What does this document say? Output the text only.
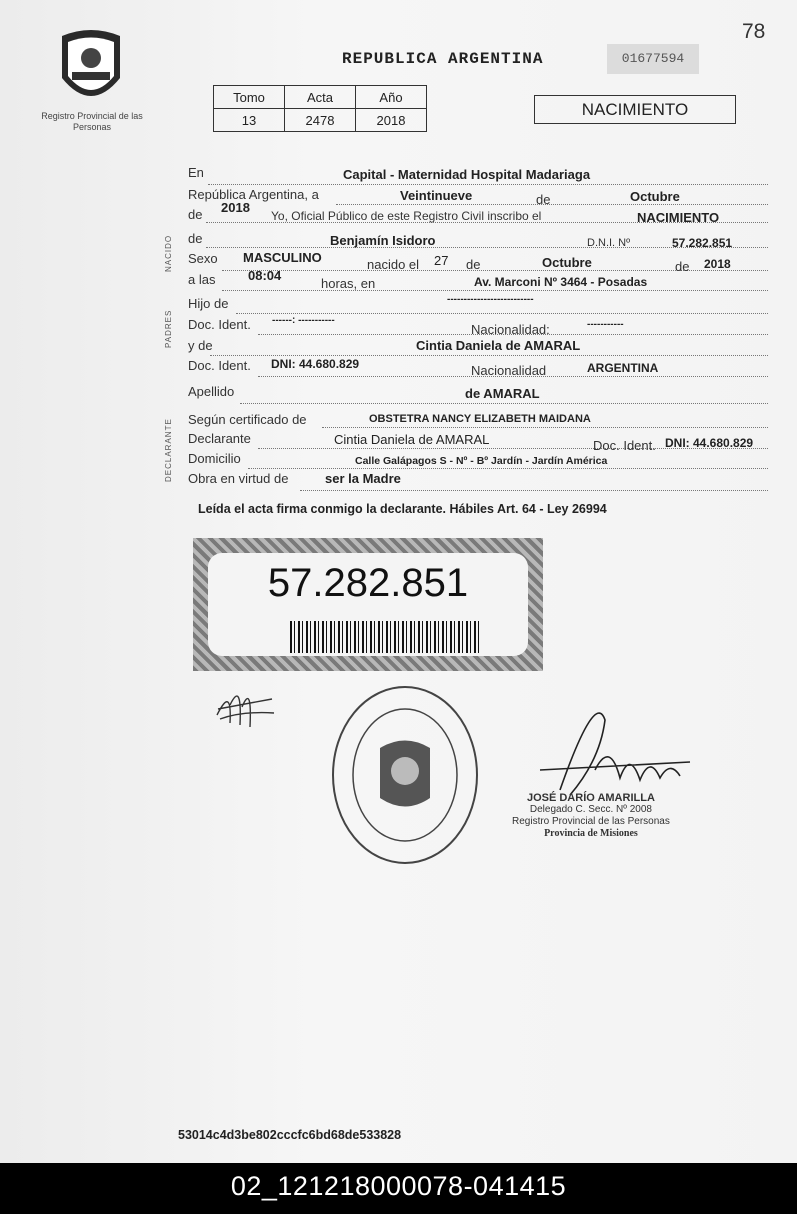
78
Registro Provincial de las Personas
REPUBLICA ARGENTINA	01677594
Tomo	Acta	Año
13	2478	2018
NACIMIENTO
NACIDO
PADRES
DECLARANTE
En	Capital - Maternidad Hospital Madariaga
República Argentina, a	Veintinueve	de	Octubre
de 2018
Yo, Oficial Público de este Registro Civil inscribo el	NACIMIENTO
de	Benjamín Isidoro	D.N.I. Nº	57.282.851
Sexo MASCULINO	nacido el 27 de	Octubre	de 2018
a las	08:04
horas, en	Av. Marconi Nº 3464 - Posadas
Hijo de	--------------------------
Doc. Ident. ------: -----------
Nacionalidad:	-----------
y de	Cintia Daniela de AMARAL
Doc. Ident. DNI: 44.680.829	Nacionalidad	ARGENTINA
Apellido	de AMARAL
Según certificado de	OBSTETRA NANCY ELIZABETH MAIDANA
Declarante	Cintia Daniela de AMARAL	Doc. Ident. DNI: 44.680.829
Domicilio	Calle Galápagos S - Nº - Bº Jardín - Jardín América
Obra en virtud de	ser la Madre
Leída el acta firma conmigo la declarante. Hábiles Art. 64 - Ley 26994
57.282.851
JOSÉ DARÍO AMARILLA
Delegado C. Secc. Nº 2008
Registro Provincial de las Personas
Provincia de Misiones
53014c4d3be802cccfc6bd68de533828
02_121218000078-041415
